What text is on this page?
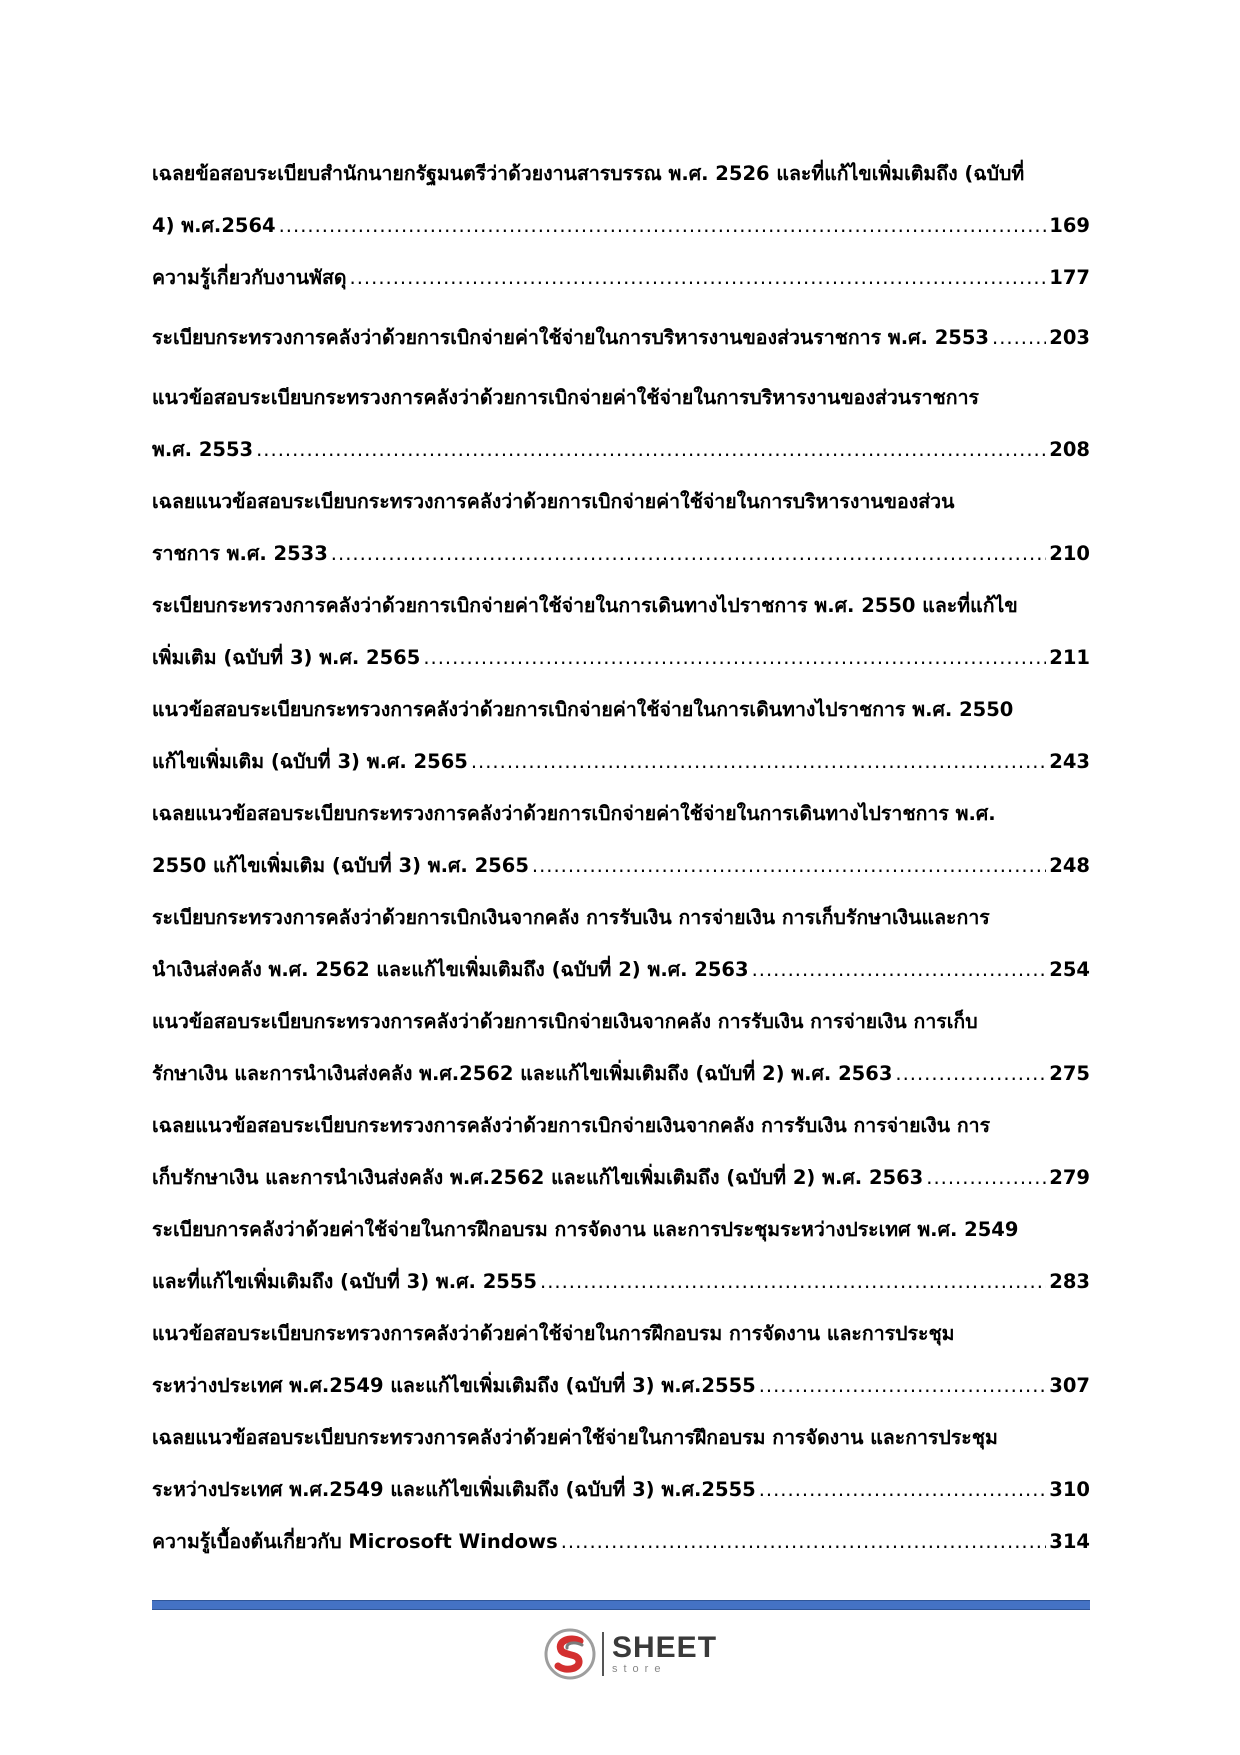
เฉลยข้อสอบระเบียบสำนักนายกรัฐมนตรีว่าด้วยงานสารบรรณ พ.ศ. 2526 และที่แก้ไขเพิ่มเติมถึง (ฉบับที่
4) พ.ศ.2564 .....	169
ความรู้เกี่ยวกับงานพัสดุ .....	177
ระเบียบกระทรวงการคลังว่าด้วยการเบิกจ่ายค่าใช้จ่ายในการบริหารงานของส่วนราชการ พ.ศ. 2553 .....	203
แนวข้อสอบระเบียบกระทรวงการคลังว่าด้วยการเบิกจ่ายค่าใช้จ่ายในการบริหารงานของส่วนราชการ
พ.ศ. 2553 .....	208
เฉลยแนวข้อสอบระเบียบกระทรวงการคลังว่าด้วยการเบิกจ่ายค่าใช้จ่ายในการบริหารงานของส่วน
ราชการ พ.ศ. 2533 .....	210
ระเบียบกระทรวงการคลังว่าด้วยการเบิกจ่ายค่าใช้จ่ายในการเดินทางไปราชการ พ.ศ. 2550 และที่แก้ไข
เพิ่มเติม (ฉบับที่ 3) พ.ศ. 2565 .....	211
แนวข้อสอบระเบียบกระทรวงการคลังว่าด้วยการเบิกจ่ายค่าใช้จ่ายในการเดินทางไปราชการ พ.ศ. 2550
แก้ไขเพิ่มเติม (ฉบับที่ 3) พ.ศ. 2565 .....	243
เฉลยแนวข้อสอบระเบียบกระทรวงการคลังว่าด้วยการเบิกจ่ายค่าใช้จ่ายในการเดินทางไปราชการ พ.ศ.
2550 แก้ไขเพิ่มเติม (ฉบับที่ 3) พ.ศ. 2565 .....	248
ระเบียบกระทรวงการคลังว่าด้วยการเบิกเงินจากคลัง การรับเงิน การจ่ายเงิน การเก็บรักษาเงินและการ
นำเงินส่งคลัง พ.ศ. 2562 และแก้ไขเพิ่มเติมถึง (ฉบับที่ 2) พ.ศ. 2563 .....	254
แนวข้อสอบระเบียบกระทรวงการคลังว่าด้วยการเบิกจ่ายเงินจากคลัง การรับเงิน การจ่ายเงิน การเก็บ
รักษาเงิน และการนำเงินส่งคลัง พ.ศ.2562 และแก้ไขเพิ่มเติมถึง (ฉบับที่ 2) พ.ศ. 2563 .....	275
เฉลยแนวข้อสอบระเบียบกระทรวงการคลังว่าด้วยการเบิกจ่ายเงินจากคลัง การรับเงิน การจ่ายเงิน การ
เก็บรักษาเงิน และการนำเงินส่งคลัง พ.ศ.2562 และแก้ไขเพิ่มเติมถึง (ฉบับที่ 2) พ.ศ. 2563 .....	279
ระเบียบการคลังว่าด้วยค่าใช้จ่ายในการฝึกอบรม การจัดงาน และการประชุมระหว่างประเทศ พ.ศ. 2549
และที่แก้ไขเพิ่มเติมถึง (ฉบับที่ 3) พ.ศ. 2555 .....	283
แนวข้อสอบระเบียบกระทรวงการคลังว่าด้วยค่าใช้จ่ายในการฝึกอบรม การจัดงาน และการประชุม
ระหว่างประเทศ พ.ศ.2549 และแก้ไขเพิ่มเติมถึง (ฉบับที่ 3) พ.ศ.2555 .....	307
เฉลยแนวข้อสอบระเบียบกระทรวงการคลังว่าด้วยค่าใช้จ่ายในการฝึกอบรม การจัดงาน และการประชุม
ระหว่างประเทศ พ.ศ.2549 และแก้ไขเพิ่มเติมถึง (ฉบับที่ 3) พ.ศ.2555 .....	310
ความรู้เบื้องต้นเกี่ยวกับ Microsoft Windows .....	314
SHEET
store
